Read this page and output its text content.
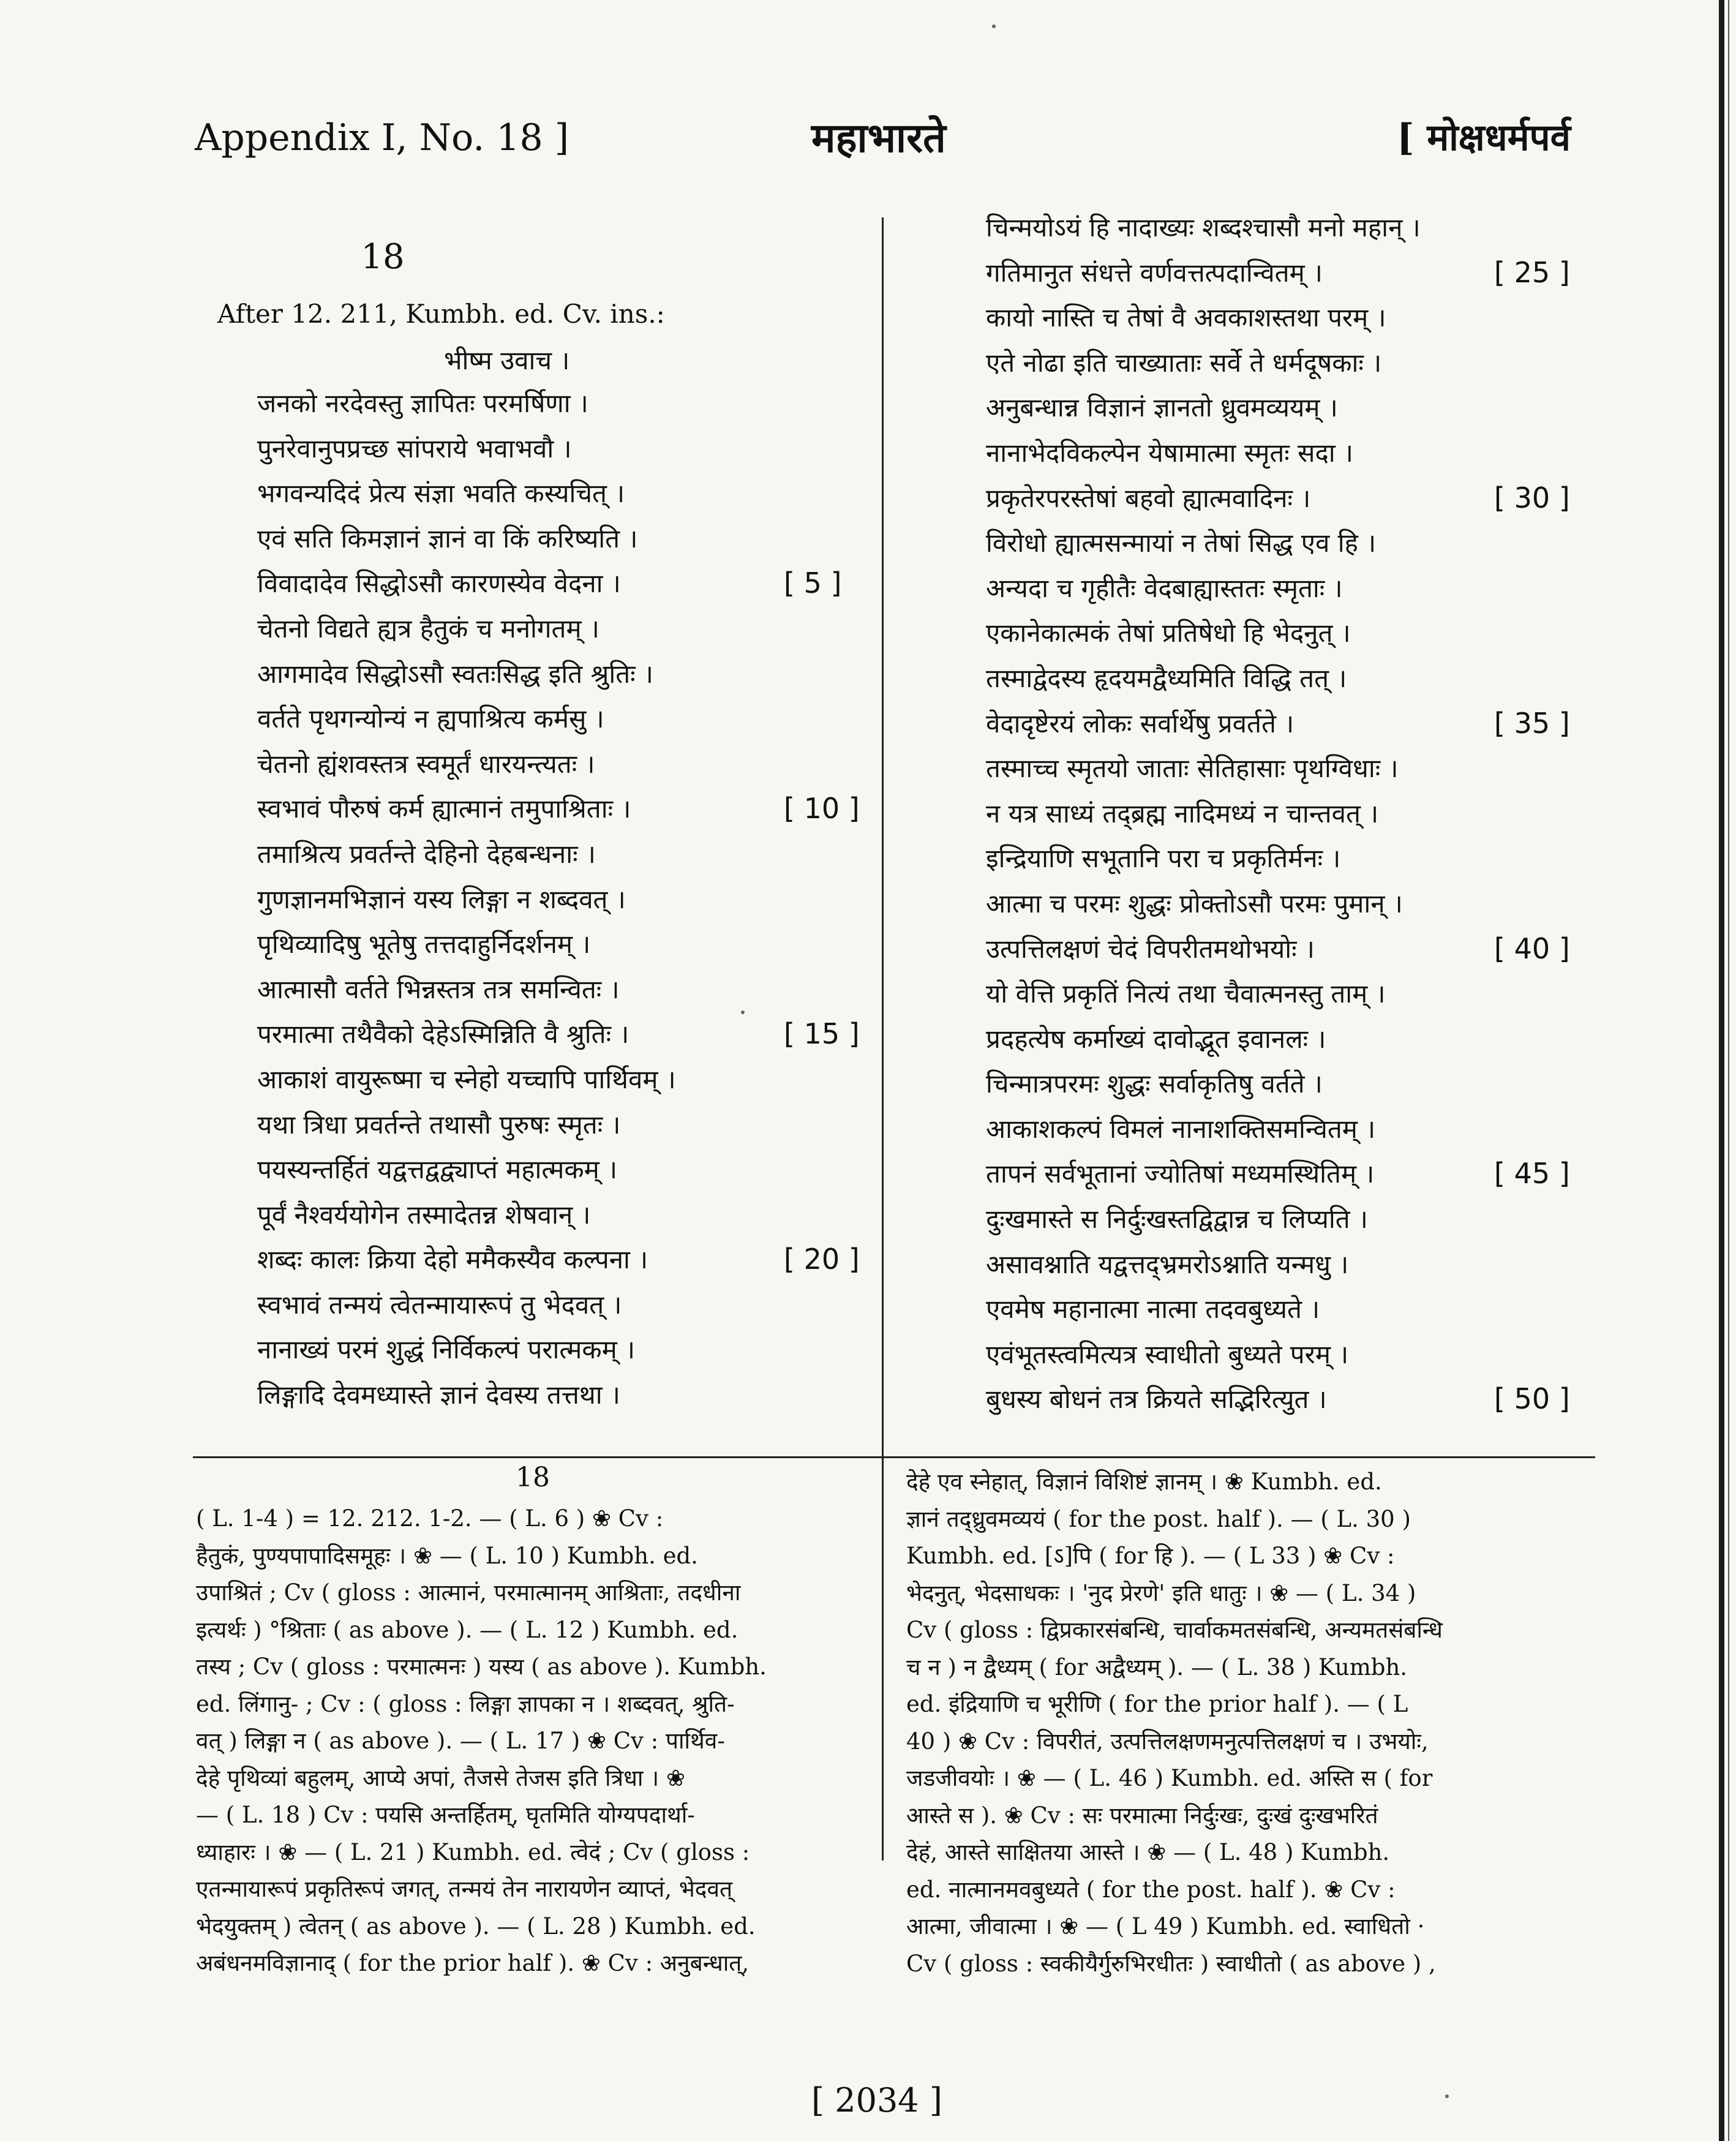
Appendix I, No. 18 ]	महाभारते	[ मोक्षधर्मपर्व
18
After 12. 211, Kumbh. ed. Cv. ins.:
भीष्म उवाच ।
जनको नरदेवस्तु ज्ञापितः परमर्षिणा ।
पुनरेवानुपप्रच्छ सांपराये भवाभवौ ।
भगवन्यदिदं प्रेत्य संज्ञा भवति कस्यचित् ।
एवं सति किमज्ञानं ज्ञानं वा किं करिष्यति ।
विवादादेव सिद्धोऽसौ कारणस्येव वेदना ।	[ 5 ]
चेतनो विद्यते ह्यत्र हैतुकं च मनोगतम् ।
आगमादेव सिद्धोऽसौ स्वतःसिद्ध इति श्रुतिः ।
वर्तते पृथगन्योन्यं न ह्यपाश्रित्य कर्मसु ।
चेतनो ह्यंशवस्तत्र स्वमूर्तं धारयन्त्यतः ।
स्वभावं पौरुषं कर्म ह्यात्मानं तमुपाश्रिताः ।	[ 10 ]
तमाश्रित्य प्रवर्तन्ते देहिनो देहबन्धनाः ।
गुणज्ञानमभिज्ञानं यस्य लिङ्गा न शब्दवत् ।
पृथिव्यादिषु भूतेषु तत्तदाहुर्निदर्शनम् ।
आत्मासौ वर्तते भिन्नस्तत्र तत्र समन्वितः ।
परमात्मा तथैवैको देहेऽस्मिन्निति वै श्रुतिः ।	[ 15 ]
आकाशं वायुरूष्मा च स्नेहो यच्चापि पार्थिवम् ।
यथा त्रिधा प्रवर्तन्ते तथासौ पुरुषः स्मृतः ।
पयस्यन्तर्हितं यद्वत्तद्वद्व्याप्तं महात्मकम् ।
पूर्वं नैश्वर्ययोगेन तस्मादेतन्न शेषवान् ।
शब्दः कालः क्रिया देहो ममैकस्यैव कल्पना ।	[ 20 ]
स्वभावं तन्मयं त्वेतन्मायारूपं तु भेदवत् ।
नानाख्यं परमं शुद्धं निर्विकल्पं परात्मकम् ।
लिङ्गादि देवमध्यास्ते ज्ञानं देवस्य तत्तथा ।
चिन्मयोऽयं हि नादाख्यः शब्दश्चासौ मनो महान् ।
गतिमानुत संधत्ते वर्णवत्तत्पदान्वितम् ।	[ 25 ]
कायो नास्ति च तेषां वै अवकाशस्तथा परम् ।
एते नोढा इति चाख्याताः सर्वे ते धर्मदूषकाः ।
अनुबन्धान्न विज्ञानं ज्ञानतो ध्रुवमव्ययम् ।
नानाभेदविकल्पेन येषामात्मा स्मृतः सदा ।
प्रकृतेरपरस्तेषां बहवो ह्यात्मवादिनः ।	[ 30 ]
विरोधो ह्यात्मसन्मायां न तेषां सिद्ध एव हि ।
अन्यदा च गृहीतैः वेदबाह्यास्ततः स्मृताः ।
एकानेकात्मकं तेषां प्रतिषेधो हि भेदनुत् ।
तस्माद्वेदस्य हृदयमद्वैध्यमिति विद्धि तत् ।
वेदादृष्टेरयं लोकः सर्वार्थेषु प्रवर्तते ।	[ 35 ]
तस्माच्च स्मृतयो जाताः सेतिहासाः पृथग्विधाः ।
न यत्र साध्यं तद्ब्रह्म नादिमध्यं न चान्तवत् ।
इन्द्रियाणि सभूतानि परा च प्रकृतिर्मनः ।
आत्मा च परमः शुद्धः प्रोक्तोऽसौ परमः पुमान् ।
उत्पत्तिलक्षणं चेदं विपरीतमथोभयोः ।	[ 40 ]
यो वेत्ति प्रकृतिं नित्यं तथा चैवात्मनस्तु ताम् ।
प्रदहत्येष कर्माख्यं दावोद्भूत इवानलः ।
चिन्मात्रपरमः शुद्धः सर्वाकृतिषु वर्तते ।
आकाशकल्पं विमलं नानाशक्तिसमन्वितम् ।
तापनं सर्वभूतानां ज्योतिषां मध्यमस्थितिम् ।	[ 45 ]
दुःखमास्ते स निर्दुःखस्तद्विद्वान्न च लिप्यति ।
असावश्नाति यद्वत्तद्भ्रमरोऽश्नाति यन्मधु ।
एवमेष महानात्मा नात्मा तदवबुध्यते ।
एवंभूतस्त्वमित्यत्र स्वाधीतो बुध्यते परम् ।
बुधस्य बोधनं तत्र क्रियते सद्भिरित्युत ।	[ 50 ]
18
( L. 1-4 ) = 12. 212. 1-2. — ( L. 6 ) ❀ Cv :
हैतुकं, पुण्यपापादिसमूहः । ❀ — ( L. 10 ) Kumbh. ed.
उपाश्रितं ; Cv ( gloss : आत्मानं, परमात्मानम् आश्रिताः, तदधीना
इत्यर्थः ) °श्रिताः ( as above ). — ( L. 12 ) Kumbh. ed.
तस्य ; Cv ( gloss : परमात्मनः ) यस्य ( as above ). Kumbh.
ed. लिंगानु- ; Cv : ( gloss : लिङ्गा ज्ञापका न । शब्दवत्, श्रुति-
वत् ) लिङ्गा न ( as above ). — ( L. 17 ) ❀ Cv : पार्थिव-
देहे पृथिव्यां बहुलम्, आप्ये अपां, तैजसे तेजस इति त्रिधा । ❀
— ( L. 18 ) Cv : पयसि अन्तर्हितम्, घृतमिति योग्यपदार्था-
ध्याहारः । ❀ — ( L. 21 ) Kumbh. ed. त्वेदं ; Cv ( gloss :
एतन्मायारूपं प्रकृतिरूपं जगत्, तन्मयं तेन नारायणेन व्याप्तं, भेदवत्
भेदयुक्तम् ) त्वेतन् ( as above ). — ( L. 28 ) Kumbh. ed.
अबंधनमविज्ञानाद् ( for the prior half ). ❀ Cv : अनुबन्धात्,
देहे एव स्नेहात्, विज्ञानं विशिष्टं ज्ञानम् । ❀ Kumbh. ed.
ज्ञानं तद्ध्रुवमव्ययं ( for the post. half ). — ( L. 30 )
Kumbh. ed. [ऽ]पि ( for हि ). — ( L 33 ) ❀ Cv :
भेदनुत्, भेदसाधकः । 'नुद प्रेरणे' इति धातुः । ❀ — ( L. 34 )
Cv ( gloss : द्विप्रकारसंबन्धि, चार्वाकमतसंबन्धि, अन्यमतसंबन्धि
च न ) न द्वैध्यम् ( for अद्वैध्यम् ). — ( L. 38 ) Kumbh.
ed. इंद्रियाणि च भूरीणि ( for the prior half ). — ( L
40 ) ❀ Cv : विपरीतं, उत्पत्तिलक्षणमनुत्पत्तिलक्षणं च । उभयोः,
जडजीवयोः । ❀ — ( L. 46 ) Kumbh. ed. अस्ति स ( for
आस्ते स ). ❀ Cv : सः परमात्मा निर्दुःखः, दुःखं दुःखभरितं
देहं, आस्ते साक्षितया आस्ते । ❀ — ( L. 48 ) Kumbh.
ed. नात्मानमवबुध्यते ( for the post. half ). ❀ Cv :
आत्मा, जीवात्मा । ❀ — ( L 49 ) Kumbh. ed. स्वाधितो ·
Cv ( gloss : स्वकीयैर्गुरुभिरधीतः ) स्वाधीतो ( as above ) ,
[ 2034 ]
